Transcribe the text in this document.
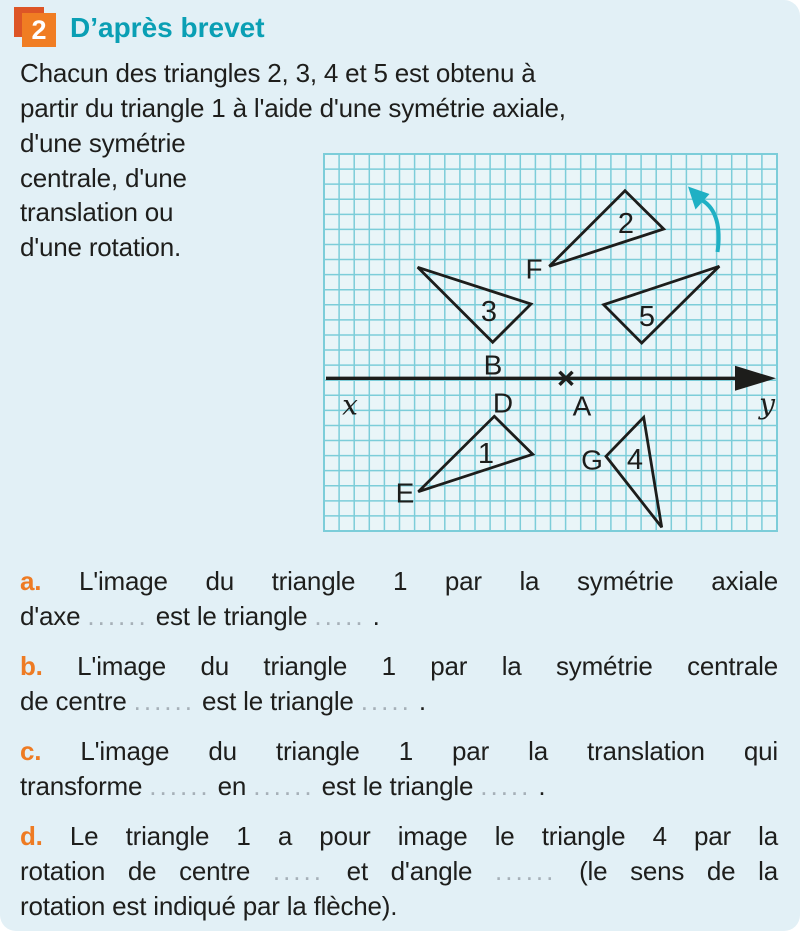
2 D’après brevet
Chacun des triangles 2, 3, 4 et 5 est obtenu à
partir du triangle 1 à l'aide d'une symétrie axiale,
d'une symétrie
centrale, d'une
translation ou
d'une rotation.
1
2
3
4
5
F
B
D A
E
G
x	y
a. L'image du triangle 1 par la symétrie axiale
d'axe ...... est le triangle ..... .
b. L'image du triangle 1 par la symétrie centrale
de centre ...... est le triangle ..... .
c. L'image du triangle 1 par la translation qui
transforme ...... en ...... est le triangle ..... .
d. Le triangle 1 a pour image le triangle 4 par la
rotation de centre ..... et d'angle ...... (le sens de la
rotation est indiqué par la flèche).
